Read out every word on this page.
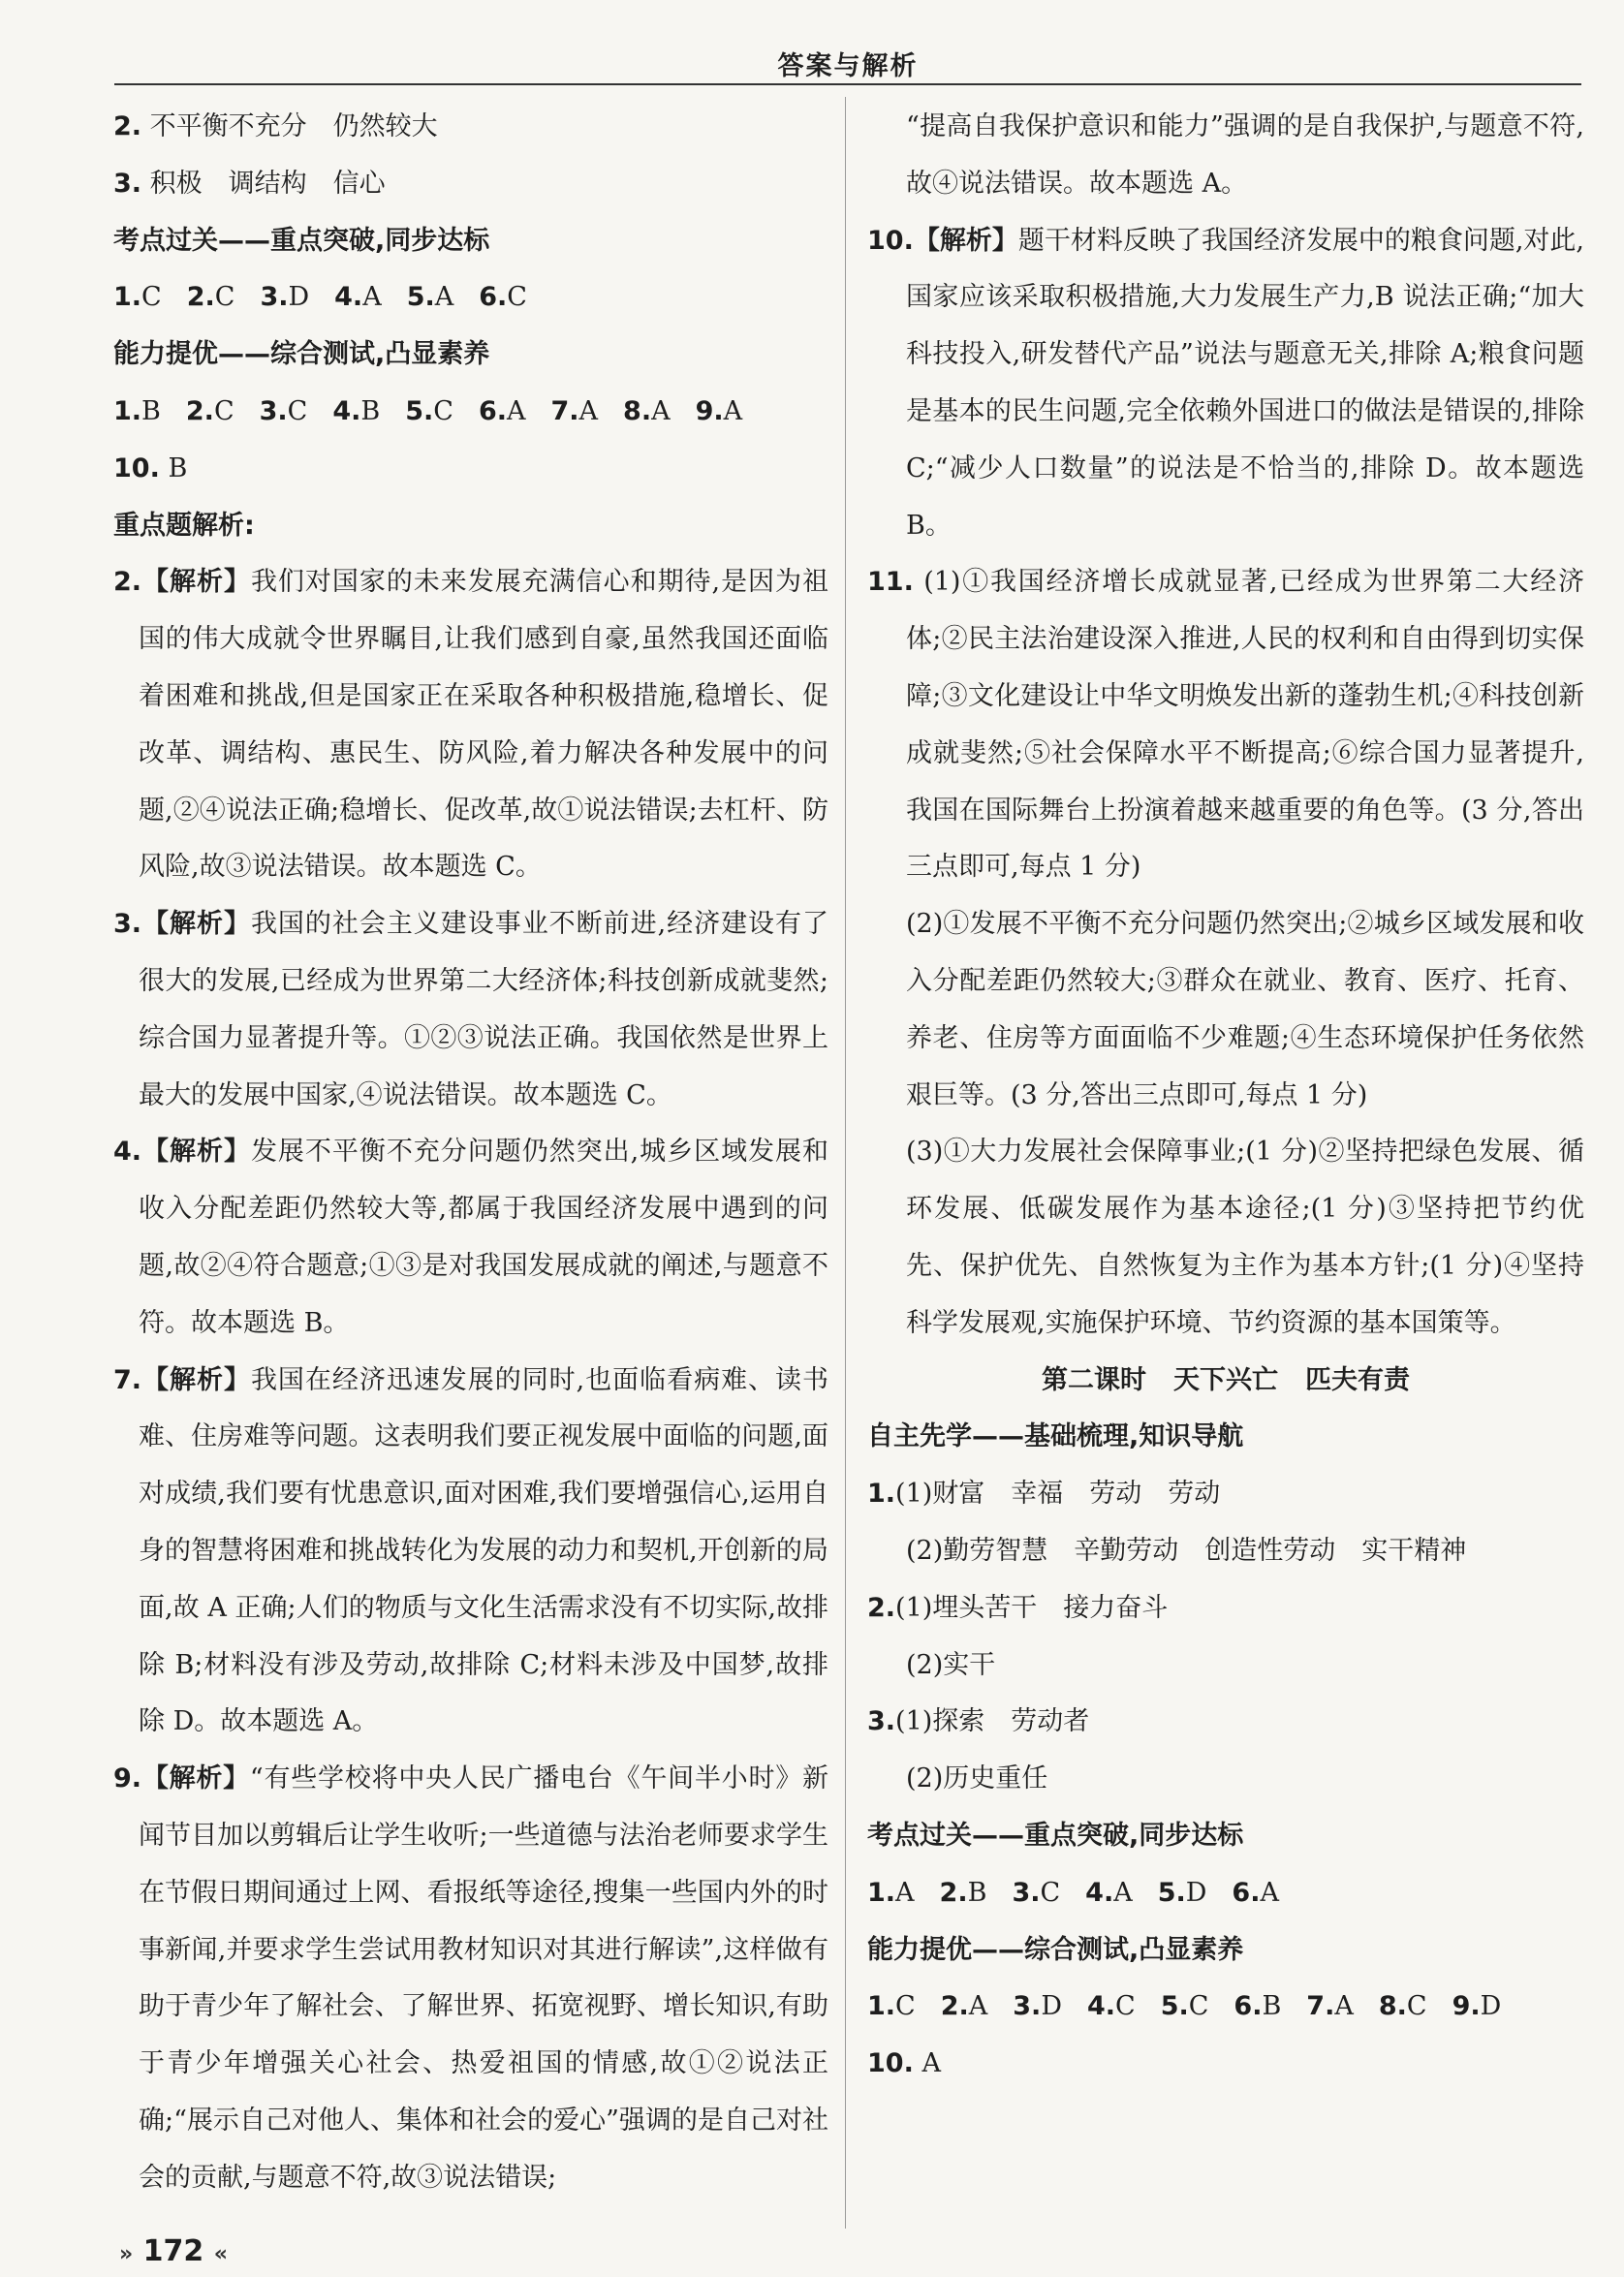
答案与解析

2. 不平衡不充分　仍然较大

3. 积极　调结构　信心

考点过关——重点突破,同步达标

1.C 2.C 3.D 4.A 5.A 6.C

能力提优——综合测试,凸显素养

1.B 2.C 3.C 4.B 5.C 6.A 7.A 8.A 9.A

10. B

重点题解析:

2.【解析】我们对国家的未来发展充满信心和期待,是因为祖国的伟大成就令世界瞩目,让我们感到自豪,虽然我国还面临着困难和挑战,但是国家正在采取各种积极措施,稳增长、促改革、调结构、惠民生、防风险,着力解决各种发展中的问题,②④说法正确;稳增长、促改革,故①说法错误;去杠杆、防风险,故③说法错误。故本题选 C。

3.【解析】我国的社会主义建设事业不断前进,经济建设有了很大的发展,已经成为世界第二大经济体;科技创新成就斐然;综合国力显著提升等。①②③说法正确。我国依然是世界上最大的发展中国家,④说法错误。故本题选 C。

4.【解析】发展不平衡不充分问题仍然突出,城乡区域发展和收入分配差距仍然较大等,都属于我国经济发展中遇到的问题,故②④符合题意;①③是对我国发展成就的阐述,与题意不符。故本题选 B。

7.【解析】我国在经济迅速发展的同时,也面临看病难、读书难、住房难等问题。这表明我们要正视发展中面临的问题,面对成绩,我们要有忧患意识,面对困难,我们要增强信心,运用自身的智慧将困难和挑战转化为发展的动力和契机,开创新的局面,故 A 正确;人们的物质与文化生活需求没有不切实际,故排除 B;材料没有涉及劳动,故排除 C;材料未涉及中国梦,故排除 D。故本题选 A。

9.【解析】“有些学校将中央人民广播电台《午间半小时》新闻节目加以剪辑后让学生收听;一些道德与法治老师要求学生在节假日期间通过上网、看报纸等途径,搜集一些国内外的时事新闻,并要求学生尝试用教材知识对其进行解读”,这样做有助于青少年了解社会、了解世界、拓宽视野、增长知识,有助于青少年增强关心社会、热爱祖国的情感,故①②说法正确;“展示自己对他人、集体和社会的爱心”强调的是自己对社会的贡献,与题意不符,故③说法错误;

“提高自我保护意识和能力”强调的是自我保护,与题意不符,故④说法错误。故本题选 A。

10.【解析】题干材料反映了我国经济发展中的粮食问题,对此,国家应该采取积极措施,大力发展生产力,B 说法正确;“加大科技投入,研发替代产品”说法与题意无关,排除 A;粮食问题是基本的民生问题,完全依赖外国进口的做法是错误的,排除 C;“减少人口数量”的说法是不恰当的,排除 D。故本题选 B。

11. (1)①我国经济增长成就显著,已经成为世界第二大经济体;②民主法治建设深入推进,人民的权利和自由得到切实保障;③文化建设让中华文明焕发出新的蓬勃生机;④科技创新成就斐然;⑤社会保障水平不断提高;⑥综合国力显著提升,我国在国际舞台上扮演着越来越重要的角色等。(3 分,答出三点即可,每点 1 分)

(2)①发展不平衡不充分问题仍然突出;②城乡区域发展和收入分配差距仍然较大;③群众在就业、教育、医疗、托育、养老、住房等方面面临不少难题;④生态环境保护任务依然艰巨等。(3 分,答出三点即可,每点 1 分)

(3)①大力发展社会保障事业;(1 分)②坚持把绿色发展、循环发展、低碳发展作为基本途径;(1 分)③坚持把节约优先、保护优先、自然恢复为主作为基本方针;(1 分)④坚持科学发展观,实施保护环境、节约资源的基本国策等。

第二课时 天下兴亡 匹夫有责

自主先学——基础梳理,知识导航

1.(1)财富　幸福　劳动　劳动

(2)勤劳智慧　辛勤劳动　创造性劳动　实干精神

2.(1)埋头苦干　接力奋斗

(2)实干

3.(1)探索　劳动者

(2)历史重任

考点过关——重点突破,同步达标

1.A 2.B 3.C 4.A 5.D 6.A

能力提优——综合测试,凸显素养

1.C 2.A 3.D 4.C 5.C 6.B 7.A 8.C 9.D

10. A

» 172 «
